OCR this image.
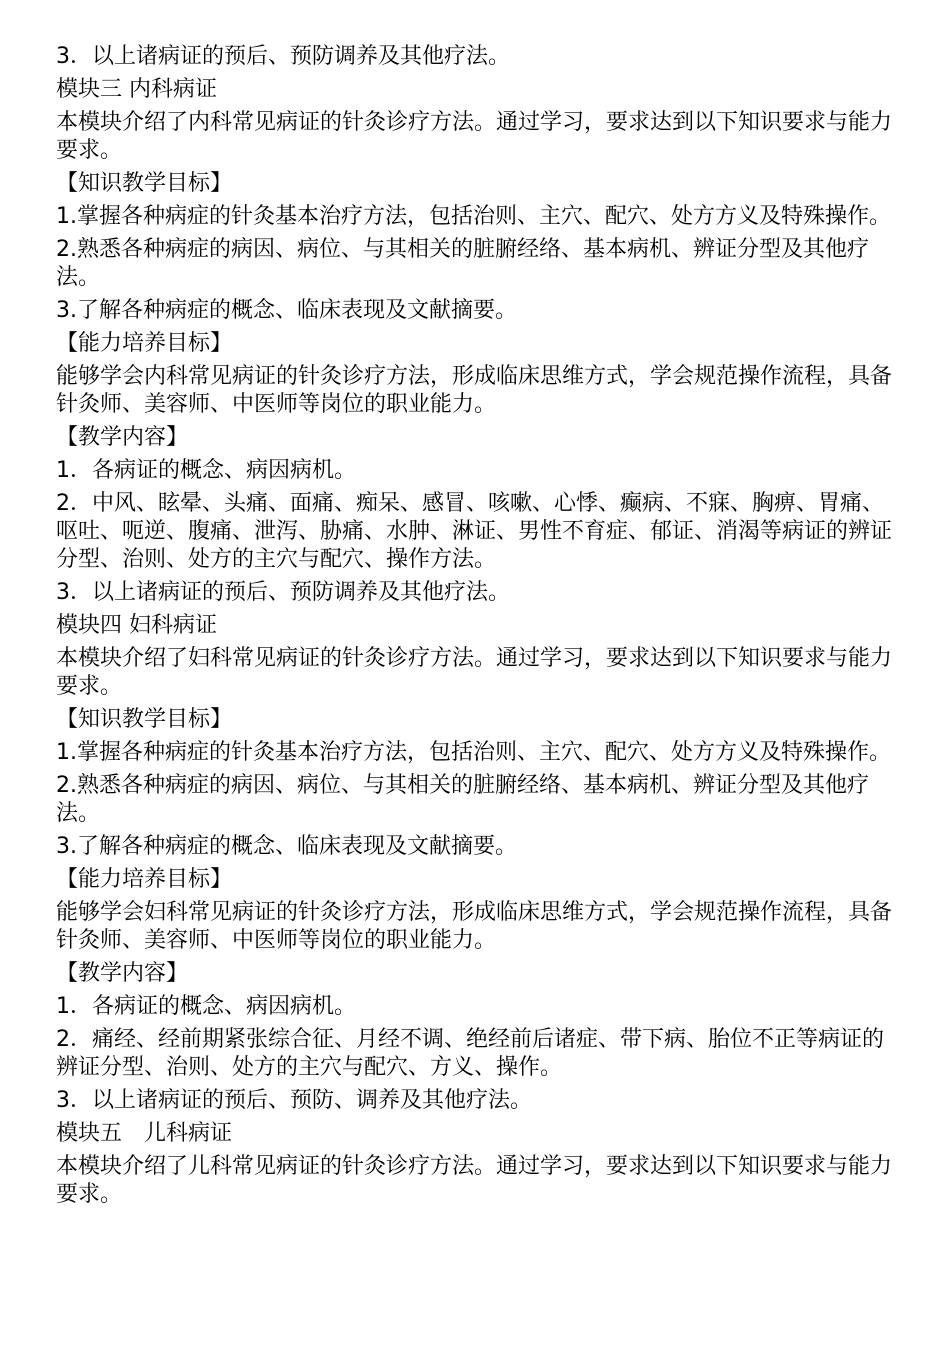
3．以上诸病证的预后、预防调养及其他疗法。

模块三 内科病证

本模块介绍了内科常见病证的针灸诊疗方法。通过学习，要求达到以下知识要求与能力要求。

【知识教学目标】

1.掌握各种病症的针灸基本治疗方法，包括治则、主穴、配穴、处方方义及特殊操作。

2.熟悉各种病症的病因、病位、与其相关的脏腑经络、基本病机、辨证分型及其他疗法。

3.了解各种病症的概念、临床表现及文献摘要。

【能力培养目标】

能够学会内科常见病证的针灸诊疗方法，形成临床思维方式，学会规范操作流程，具备针灸师、美容师、中医师等岗位的职业能力。

【教学内容】

1．各病证的概念、病因病机。

2．中风、眩晕、头痛、面痛、痴呆、感冒、咳嗽、心悸、癫病、不寐、胸痹、胃痛、呕吐、呃逆、腹痛、泄泻、胁痛、水肿、淋证、男性不育症、郁证、消渴等病证的辨证分型、治则、处方的主穴与配穴、操作方法。

3．以上诸病证的预后、预防调养及其他疗法。

模块四 妇科病证

本模块介绍了妇科常见病证的针灸诊疗方法。通过学习，要求达到以下知识要求与能力要求。

【知识教学目标】

1.掌握各种病症的针灸基本治疗方法，包括治则、主穴、配穴、处方方义及特殊操作。

2.熟悉各种病症的病因、病位、与其相关的脏腑经络、基本病机、辨证分型及其他疗法。

3.了解各种病症的概念、临床表现及文献摘要。

【能力培养目标】

能够学会妇科常见病证的针灸诊疗方法，形成临床思维方式，学会规范操作流程，具备针灸师、美容师、中医师等岗位的职业能力。

【教学内容】

1．各病证的概念、病因病机。

2．痛经、经前期紧张综合征、月经不调、绝经前后诸症、带下病、胎位不正等病证的辨证分型、治则、处方的主穴与配穴、方义、操作。

3．以上诸病证的预后、预防、调养及其他疗法。

模块五　儿科病证

本模块介绍了儿科常见病证的针灸诊疗方法。通过学习，要求达到以下知识要求与能力要求。
